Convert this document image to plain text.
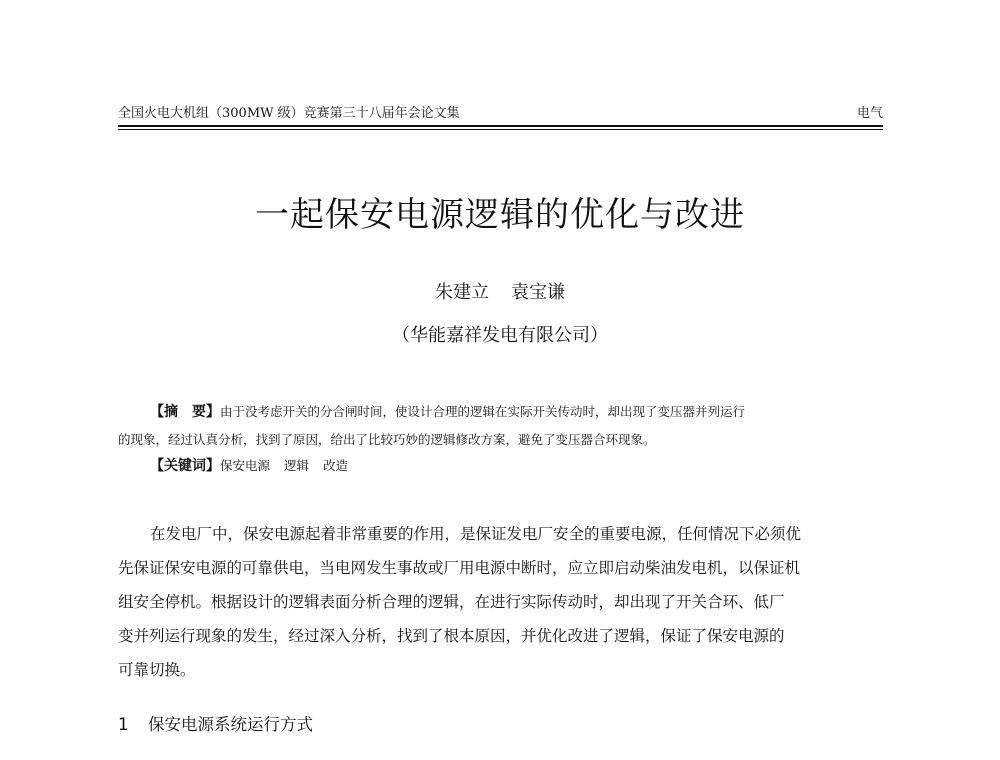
全国火电大机组（300MW 级）竞赛第三十八届年会论文集	电气
一起保安电源逻辑的优化与改进
朱建立 袁宝谦
（华能嘉祥发电有限公司）
【摘　要】由于没考虑开关的分合闸时间，使设计合理的逻辑在实际开关传动时，却出现了变压器并列运行
的现象，经过认真分析，找到了原因，给出了比较巧妙的逻辑修改方案，避免了变压器合环现象。
【关键词】保安电源 逻辑 改造
在发电厂中，保安电源起着非常重要的作用，是保证发电厂安全的重要电源，任何情况下必须优
先保证保安电源的可靠供电，当电网发生事故或厂用电源中断时，应立即启动柴油发电机，以保证机
组安全停机。根据设计的逻辑表面分析合理的逻辑，在进行实际传动时，却出现了开关合环、低厂
变并列运行现象的发生，经过深入分析，找到了根本原因，并优化改进了逻辑，保证了保安电源的
可靠切换。
1 保安电源系统运行方式
